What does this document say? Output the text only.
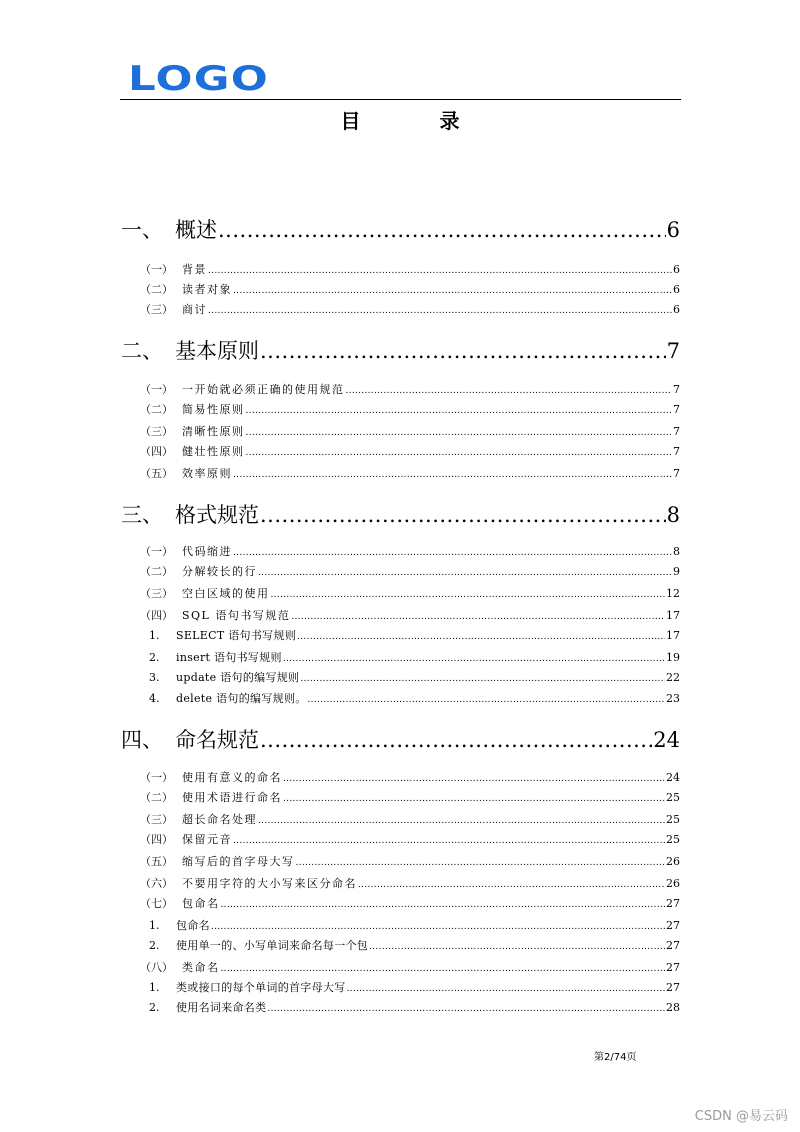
LOGO
目 录
一、 概述 .....	6
（一） 背景 .....	6
（二） 读者对象 .....	6
（三） 商讨 .....	6
二、 基本原则 .....	7
（一） 一开始就必须正确的使用规范 .....	7
（二） 简易性原则 .....	7
（三） 清晰性原则 .....	7
（四） 健壮性原则 .....	7
（五） 效率原则 .....	7
三、 格式规范 .....	8
（一） 代码缩进 .....	8
（二） 分解较长的行 .....	9
（三） 空白区域的使用 .....	12
（四） SQL 语句书写规范 .....	17
1.	SELECT 语句书写规则 .....	17
2.	insert 语句书写规则 .....	19
3.	update 语句的编写规则 .....	22
4.	delete 语句的编写规则。 .....	23
四、 命名规范 .....	24
（一） 使用有意义的命名 .....	24
（二） 使用术语进行命名 .....	25
（三） 超长命名处理 .....	25
（四） 保留元音 .....	25
（五） 缩写后的首字母大写 .....	26
（六） 不要用字符的大小写来区分命名 .....	26
（七） 包命名 .....	27
1.	包命名 .....	27
2.	使用单一的、小写单词来命名每一个包 .....	27
（八） 类命名 .....	27
1.	类或接口的每个单词的首字母大写 .....	27
2.	使用名词来命名类 .....	28
第2/74页
CSDN @易云码
